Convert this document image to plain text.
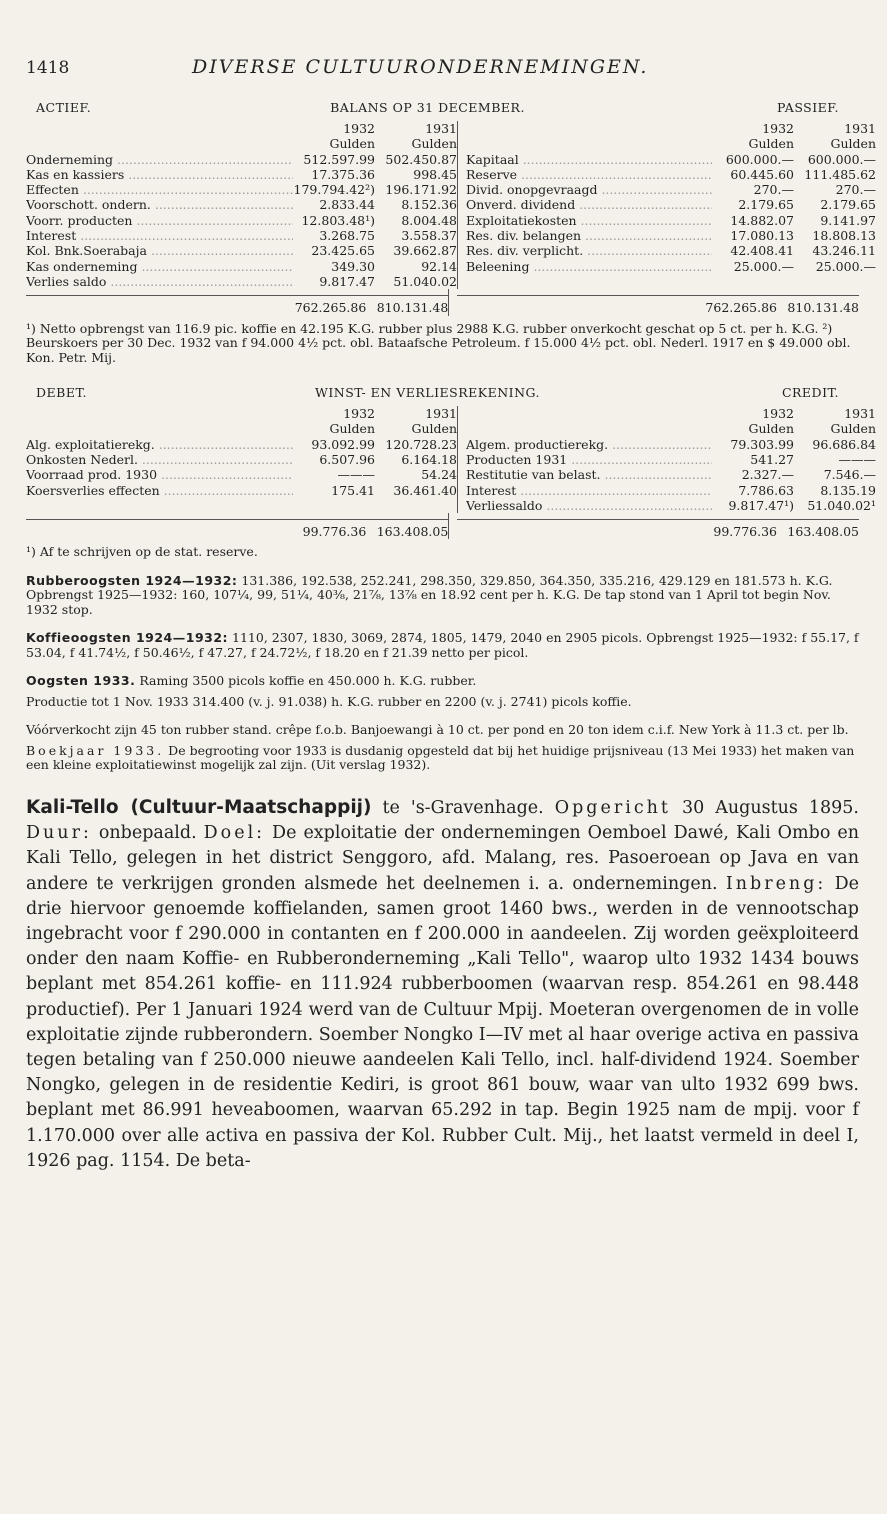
1418	DIVERSE CULTUURONDERNEMINGEN.
ACTIEF.	BALANS OP 31 DECEMBER.	PASSIEF.
1932	1931
Gulden	Gulden
Onderneming .....	512.597.99 502.450.87
Kas en kassiers .....	17.375.36	998.45
Effecten .....	179.794.42²) 196.171.92
Voorschott. ondern. .....	2.833.44	8.152.36
Voorr. producten .....	12.803.48¹)	8.004.48
Interest .....	3.268.75	3.558.37
Kol. Bnk.Soerabaja .....	23.425.65	39.662.87
Kas onderneming .....	349.30	92.14
Verlies saldo .....	9.817.47	51.040.02
1932	1931
Gulden	Gulden
Kapitaal .....	600.000.—	600.000.—
Reserve .....	60.445.60 111.485.62
Divid. onopgevraagd .....	270.—	270.—
Onverd. dividend .....	2.179.65	2.179.65
Exploitatiekosten .....	14.882.07	9.141.97
Res. div. belangen .....	17.080.13	18.808.13
Res. div. verplicht. .....	42.408.41	43.246.11
Beleening .....	25.000.—	25.000.—
762.265.86 810.131.48	762.265.86 810.131.48
¹) Netto opbrengst van 116.9 pic. koffie en 42.195 K.G. rubber plus 2988 K.G. rubber onverkocht geschat op 5 ct. per h. K.G. ²) Beurskoers per 30 Dec. 1932 van f 94.000 4½ pct. obl. Bataafsche Petroleum. f 15.000 4½ pct. obl. Nederl. 1917 en $ 49.000 obl. Kon. Petr. Mij.
DEBET.	WINST- EN VERLIESREKENING.	CREDIT.
1932	1931
Gulden	Gulden
Alg. exploitatierekg. .....	93.092.99 120.728.23
Onkosten Nederl. .....	6.507.96	6.164.18
Voorraad prod. 1930 .....	———	54.24
Koersverlies effecten .....	175.41	36.461.40
1932	1931
Gulden	Gulden
Algem. productierekg. .....	79.303.99	96.686.84
Producten 1931 .....	541.27	———
Restitutie van belast. .....	2.327.—	7.546.—
Interest .....	7.786.63	8.135.19
Verliessaldo .....	9.817.47¹)	51.040.02¹
99.776.36 163.408.05	99.776.36 163.408.05
¹) Af te schrijven op de stat. reserve.
Rubberoogsten 1924—1932: 131.386, 192.538, 252.241, 298.350, 329.850, 364.350, 335.216, 429.129 en 181.573 h. K.G. Opbrengst 1925—1932: 160, 107¼, 99, 51¼, 40⅜, 21⅞, 13⅞ en 18.92 cent per h. K.G. De tap stond van 1 April tot begin Nov. 1932 stop.
Koffieoogsten 1924—1932: 1110, 2307, 1830, 3069, 2874, 1805, 1479, 2040 en 2905 picols. Opbrengst 1925—1932: f 55.17, f 53.04, f 41.74½, f 50.46½, f 47.27, f 24.72½, f 18.20 en f 21.39 netto per picol.
Oogsten 1933. Raming 3500 picols koffie en 450.000 h. K.G. rubber.
Productie tot 1 Nov. 1933 314.400 (v. j. 91.038) h. K.G. rubber en 2200 (v. j. 2741) picols koffie.
Vóórverkocht zijn 45 ton rubber stand. crêpe f.o.b. Banjoewangi à 10 ct. per pond en 20 ton idem c.i.f. New York à 11.3 ct. per lb.
Boekjaar 1933. De begrooting voor 1933 is dusdanig opgesteld dat bij het huidige prijsniveau (13 Mei 1933) het maken van een kleine exploitatiewinst mogelijk zal zijn. (Uit verslag 1932).
Kali-Tello (Cultuur-Maatschappij) te 's-Gravenhage. Opgericht 30 Augustus 1895. Duur: onbepaald. Doel: De exploitatie der ondernemingen Oemboel Dawé, Kali Ombo en Kali Tello, gelegen in het district Senggoro, afd. Malang, res. Pasoeroean op Java en van andere te verkrijgen gronden alsmede het deelnemen i. a. ondernemingen. Inbreng: De drie hiervoor genoemde koffielanden, samen groot 1460 bws., werden in de vennootschap ingebracht voor f 290.000 in contanten en f 200.000 in aandeelen. Zij worden geëxploiteerd onder den naam Koffie- en Rubberonderneming „Kali Tello", waarop ulto 1932 1434 bouws beplant met 854.261 koffie- en 111.924 rubberboomen (waarvan resp. 854.261 en 98.448 productief). Per 1 Januari 1924 werd van de Cultuur Mpij. Moeteran overgenomen de in volle exploitatie zijnde rubberondern. Soember Nongko I—IV met al haar overige activa en passiva tegen betaling van f 250.000 nieuwe aandeelen Kali Tello, incl. half-dividend 1924. Soember Nongko, gelegen in de residentie Kediri, is groot 861 bouw, waar van ulto 1932 699 bws. beplant met 86.991 heveaboomen, waarvan 65.292 in tap. Begin 1925 nam de mpij. voor f 1.170.000 over alle activa en passiva der Kol. Rubber Cult. Mij., het laatst vermeld in deel I, 1926 pag. 1154. De beta-
